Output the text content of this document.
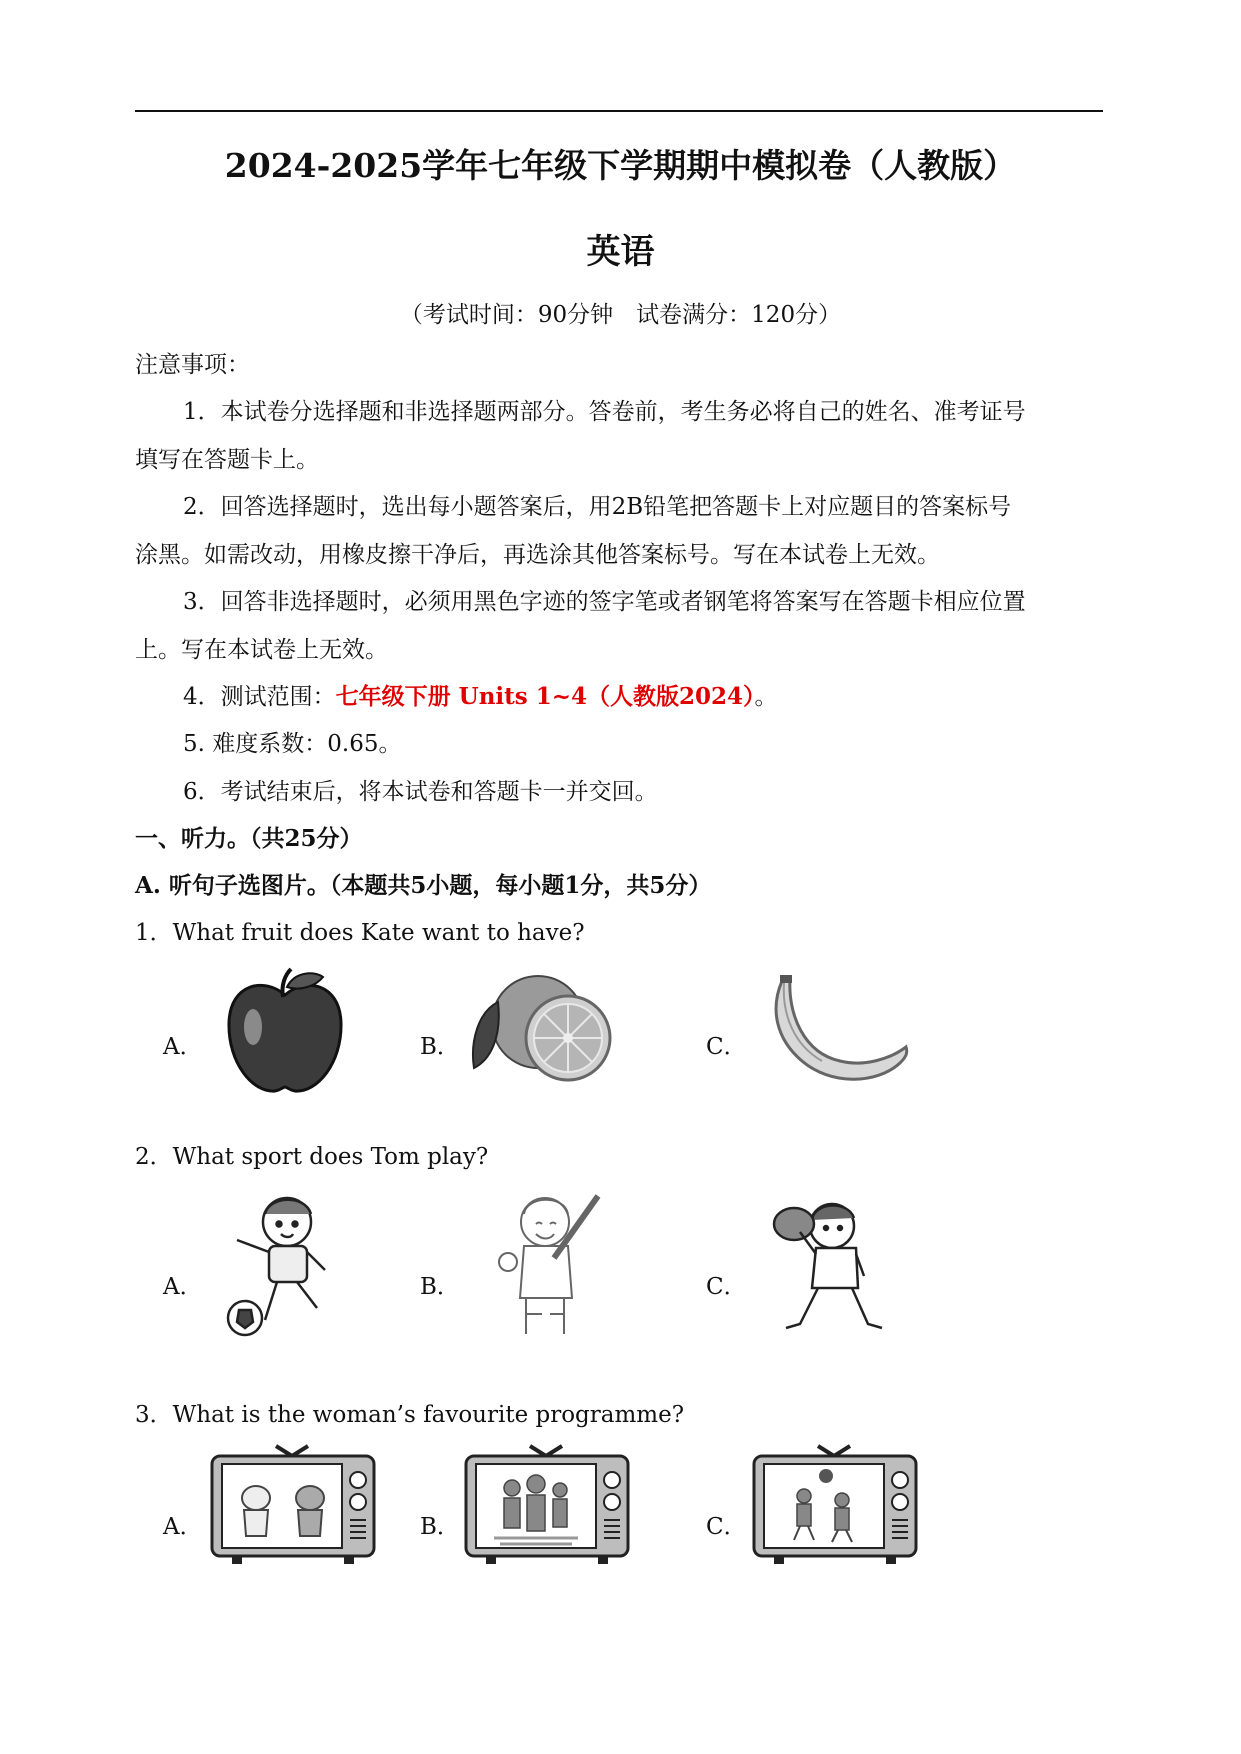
2024-2025学年七年级下学期期中模拟卷（人教版）
英语
（考试时间：90分钟　试卷满分：120分）
注意事项：
1．本试卷分选择题和非选择题两部分。答卷前，考生务必将自己的姓名、准考证号
填写在答题卡上。
2．回答选择题时，选出每小题答案后，用2B铅笔把答题卡上对应题目的答案标号
涂黑。如需改动，用橡皮擦干净后，再选涂其他答案标号。写在本试卷上无效。
3．回答非选择题时，必须用黑色字迹的签字笔或者钢笔将答案写在答题卡相应位置
上。写在本试卷上无效。
4．测试范围：七年级下册 Units 1~4（人教版2024）。
5. 难度系数：0.65。
6．考试结束后，将本试卷和答题卡一并交回。
一、听力。（共25分）
A. 听句子选图片。（本题共5小题，每小题1分，共5分）
1．What fruit does Kate want to have?
A．	B．	C．
2．What sport does Tom play?
A．	B．	C．
3．What is the woman’s favourite programme?
A．	B．	C．
